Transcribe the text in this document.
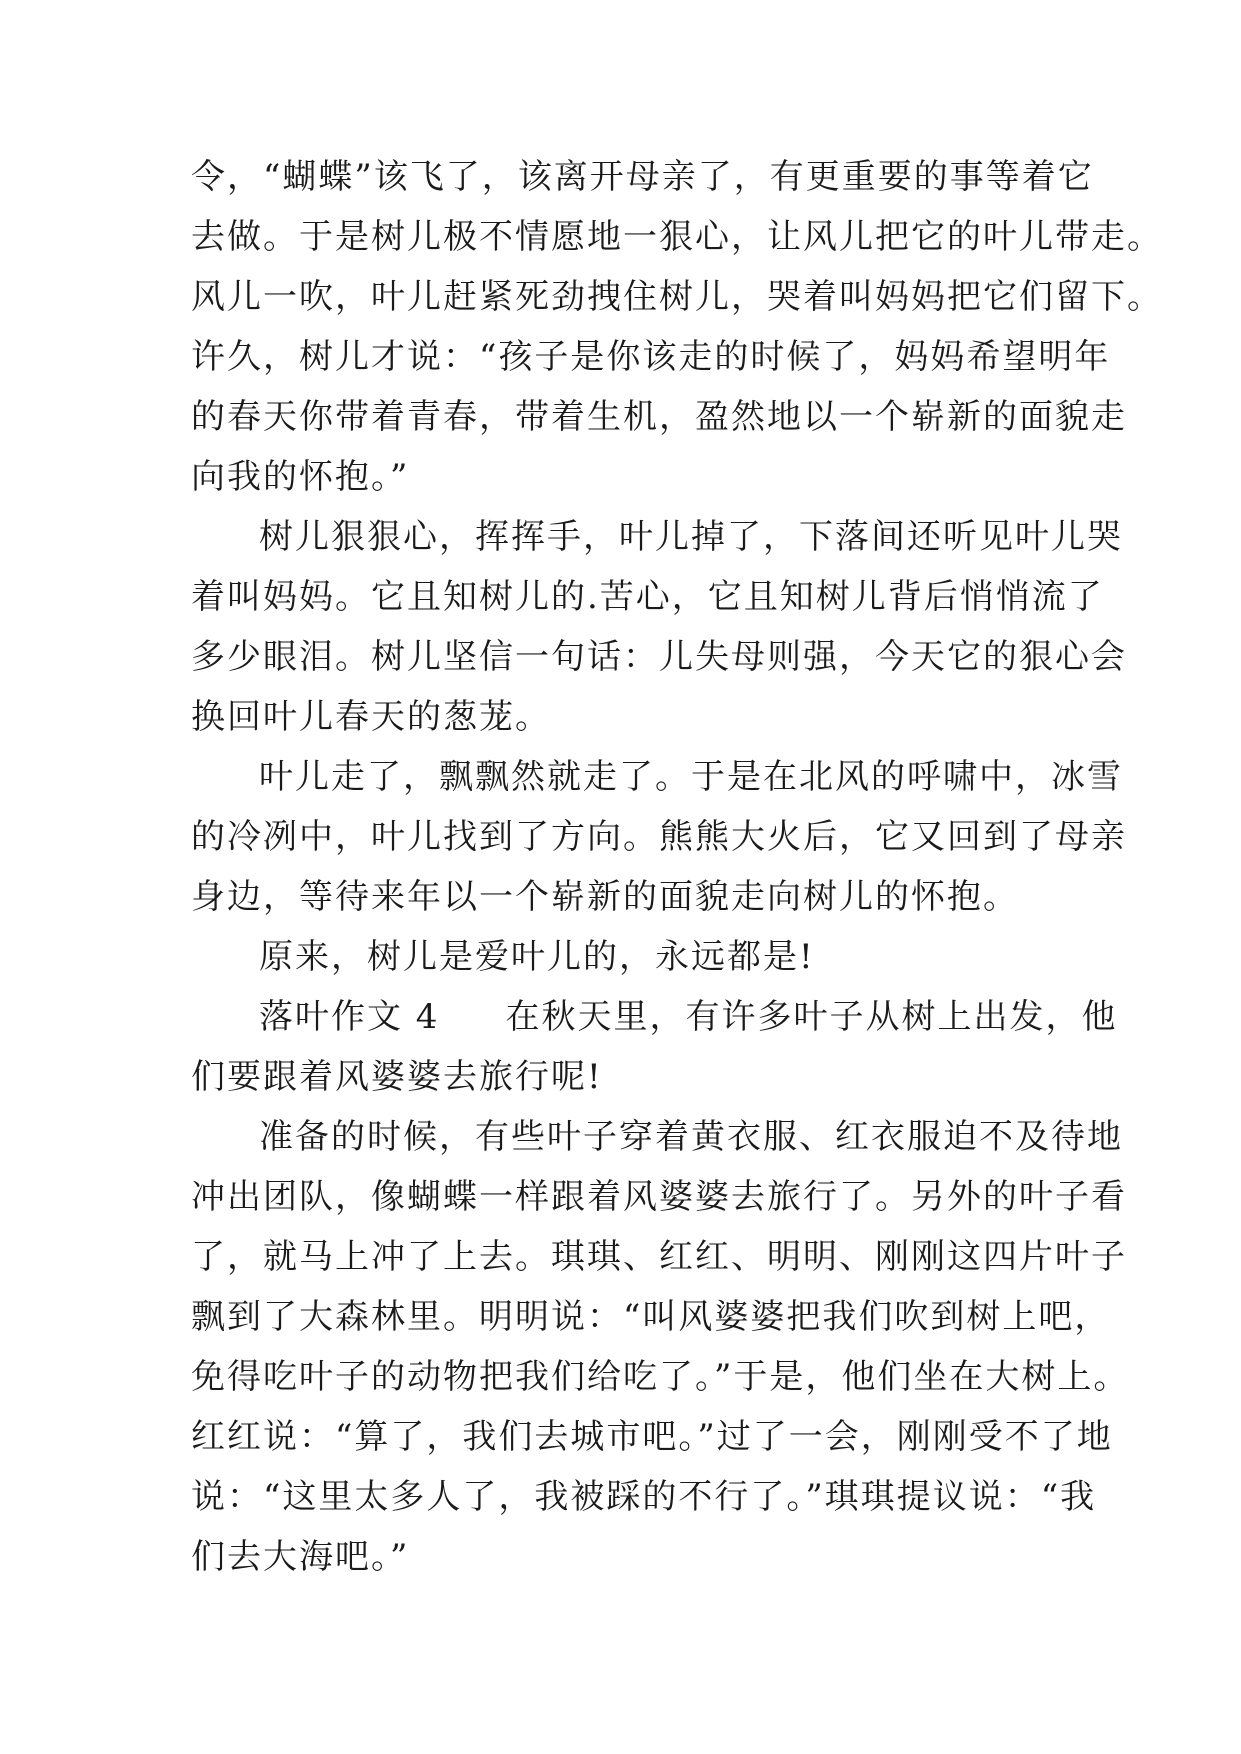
令，“蝴蝶”该飞了，该离开母亲了，有更重要的事等着它
去做。于是树儿极不情愿地一狠心，让风儿把它的叶儿带走。
风儿一吹，叶儿赶紧死劲拽住树儿，哭着叫妈妈把它们留下。
许久，树儿才说：“孩子是你该走的时候了，妈妈希望明年
的春天你带着青春，带着生机，盈然地以一个崭新的面貌走
向我的怀抱。”
树儿狠狠心，挥挥手，叶儿掉了，下落间还听见叶儿哭
着叫妈妈。它且知树儿的.苦心，它且知树儿背后悄悄流了
多少眼泪。树儿坚信一句话：儿失母则强，今天它的狠心会
换回叶儿春天的葱茏。
叶儿走了，飘飘然就走了。于是在北风的呼啸中，冰雪
的冷冽中，叶儿找到了方向。熊熊大火后，它又回到了母亲
身边，等待来年以一个崭新的面貌走向树儿的怀抱。
原来，树儿是爱叶儿的，永远都是!
落叶作文 4 在秋天里，有许多叶子从树上出发，他
们要跟着风婆婆去旅行呢!
准备的时候，有些叶子穿着黄衣服、红衣服迫不及待地
冲出团队，像蝴蝶一样跟着风婆婆去旅行了。另外的叶子看
了，就马上冲了上去。琪琪、红红、明明、刚刚这四片叶子
飘到了大森林里。明明说：“叫风婆婆把我们吹到树上吧，
免得吃叶子的动物把我们给吃了。”于是，他们坐在大树上。
红红说：“算了，我们去城市吧。”过了一会，刚刚受不了地
说：“这里太多人了，我被踩的不行了。”琪琪提议说：“我
们去大海吧。”
